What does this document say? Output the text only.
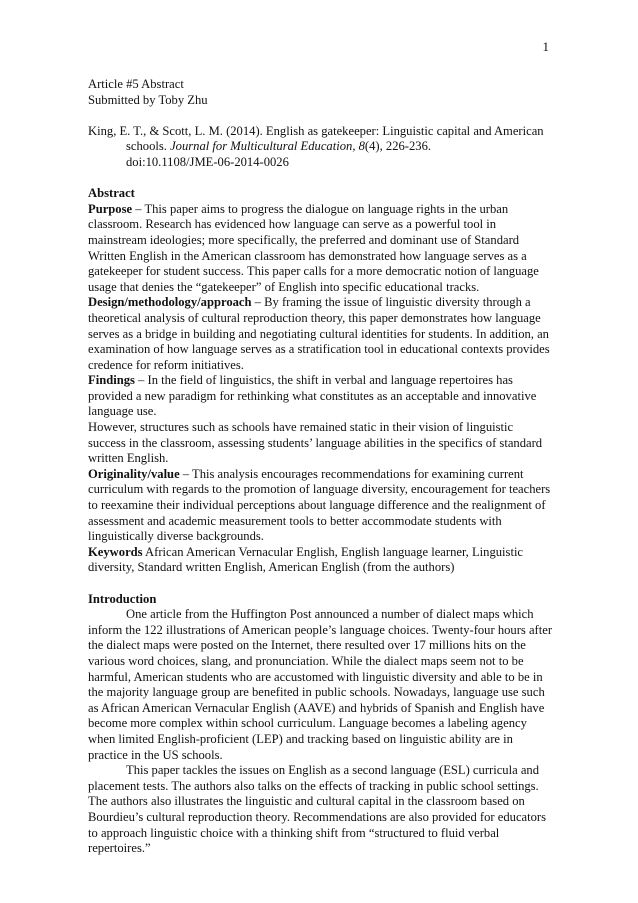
1

Article #5 Abstract

Submitted by Toby Zhu

King, E. T., & Scott, L. M. (2014). English as gatekeeper: Linguistic capital and American schools. Journal for Multicultural Education, 8(4), 226-236.
doi:10.1108/JME-06-2014-0026

Abstract

Purpose – This paper aims to progress the dialogue on language rights in the urban classroom. Research has evidenced how language can serve as a powerful tool in mainstream ideologies; more specifically, the preferred and dominant use of Standard Written English in the American classroom has demonstrated how language serves as a gatekeeper for student success. This paper calls for a more democratic notion of language usage that denies the “gatekeeper” of English into specific educational tracks.

Design/methodology/approach – By framing the issue of linguistic diversity through a theoretical analysis of cultural reproduction theory, this paper demonstrates how language serves as a bridge in building and negotiating cultural identities for students. In addition, an examination of how language serves as a stratification tool in educational contexts provides credence for reform initiatives.

Findings – In the field of linguistics, the shift in verbal and language repertoires has provided a new paradigm for rethinking what constitutes as an acceptable and innovative language use.

However, structures such as schools have remained static in their vision of linguistic success in the classroom, assessing students’ language abilities in the specifics of standard written English.

Originality/value – This analysis encourages recommendations for examining current curriculum with regards to the promotion of language diversity, encouragement for teachers to reexamine their individual perceptions about language difference and the realignment of assessment and academic measurement tools to better accommodate students with linguistically diverse backgrounds.

Keywords African American Vernacular English, English language learner, Linguistic diversity, Standard written English, American English (from the authors)

Introduction

One article from the Huffington Post announced a number of dialect maps which inform the 122 illustrations of American people’s language choices. Twenty-four hours after the dialect maps were posted on the Internet, there resulted over 17 millions hits on the various word choices, slang, and pronunciation. While the dialect maps seem not to be harmful, American students who are accustomed with linguistic diversity and able to be in the majority language group are benefited in public schools. Nowadays, language use such as African American Vernacular English (AAVE) and hybrids of Spanish and English have become more complex within school curriculum. Language becomes a labeling agency when limited English-proficient (LEP) and tracking based on linguistic ability are in practice in the US schools.

This paper tackles the issues on English as a second language (ESL) curricula and placement tests. The authors also talks on the effects of tracking in public school settings. The authors also illustrates the linguistic and cultural capital in the classroom based on Bourdieu’s cultural reproduction theory. Recommendations are also provided for educators to approach linguistic choice with a thinking shift from “structured to fluid verbal repertoires.”
